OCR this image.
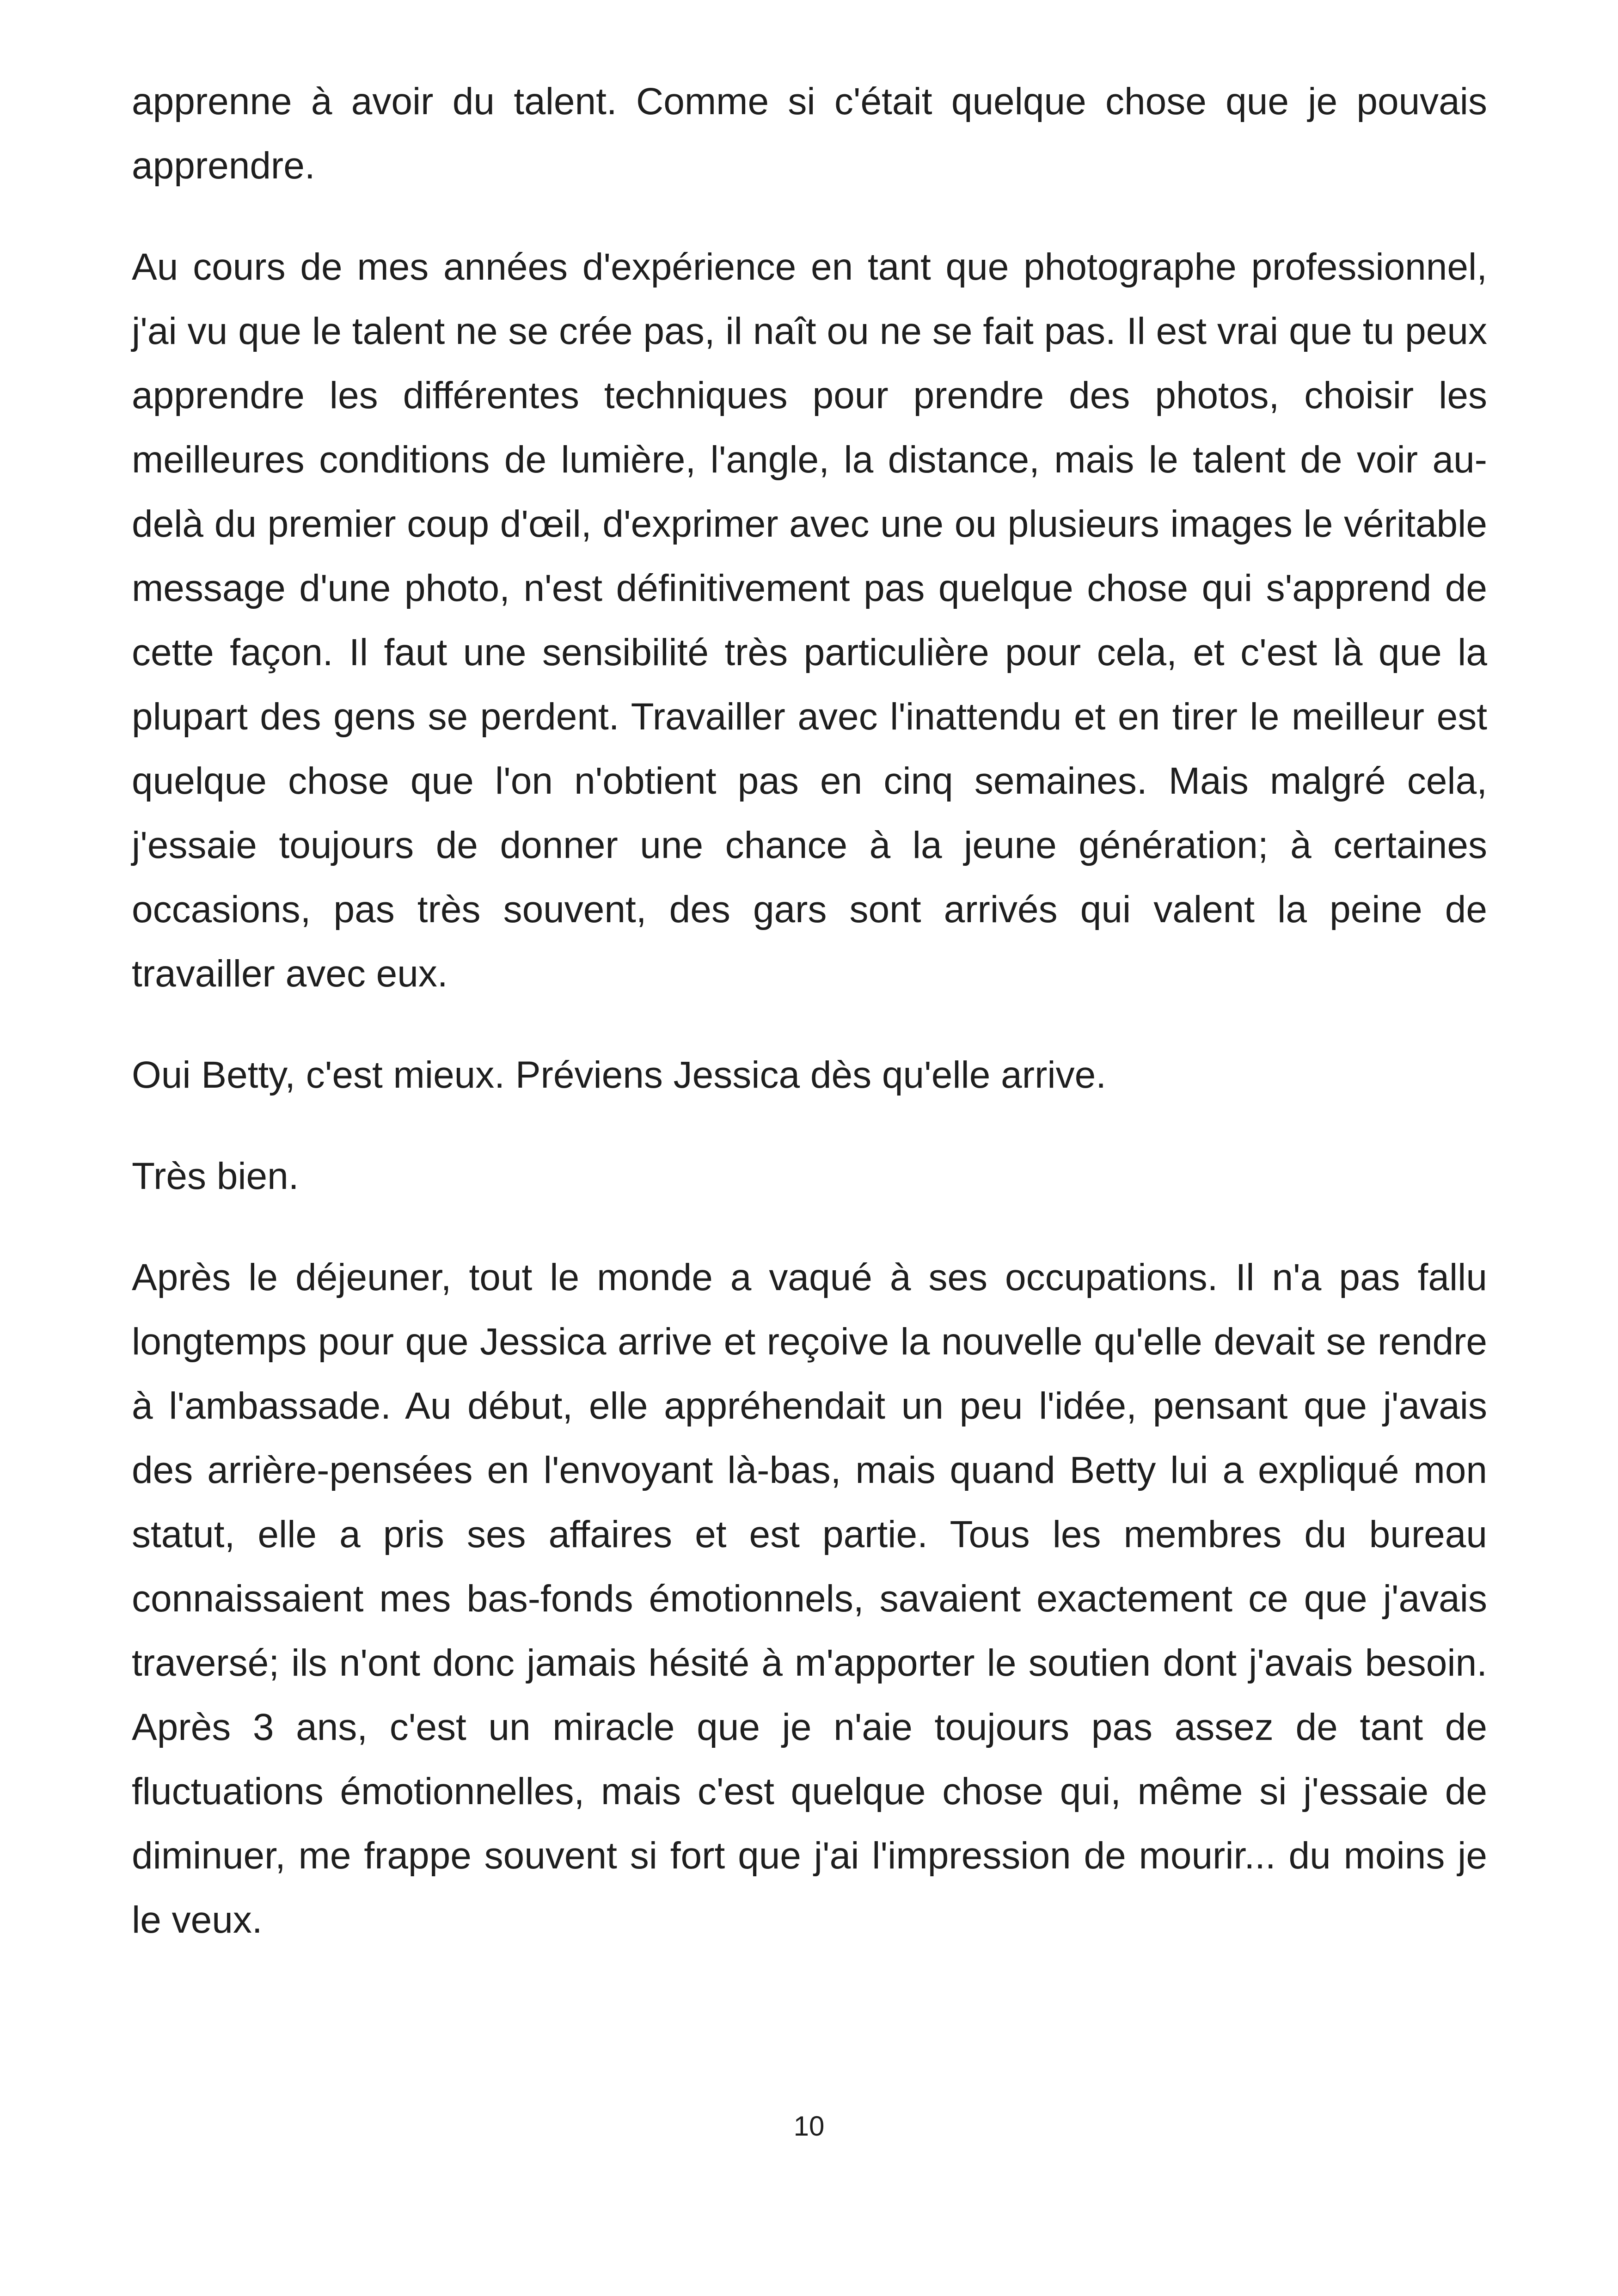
apprenne à avoir du talent. Comme si c'était quelque chose que je pouvais apprendre.

Au cours de mes années d'expérience en tant que photographe professionnel, j'ai vu que le talent ne se crée pas, il naît ou ne se fait pas. Il est vrai que tu peux apprendre les différentes techniques pour prendre des photos, choisir les meilleures conditions de lumière, l'angle, la distance, mais le talent de voir au-delà du premier coup d'œil, d'exprimer avec une ou plusieurs images le véritable message d'une photo, n'est définitivement pas quelque chose qui s'apprend de cette façon. Il faut une sensibilité très particulière pour cela, et c'est là que la plupart des gens se perdent. Travailler avec l'inattendu et en tirer le meilleur est quelque chose que l'on n'obtient pas en cinq semaines. Mais malgré cela, j'essaie toujours de donner une chance à la jeune génération; à certaines occasions, pas très souvent, des gars sont arrivés qui valent la peine de travailler avec eux.

Oui Betty, c'est mieux. Préviens Jessica dès qu'elle arrive.

Très bien.

Après le déjeuner, tout le monde a vaqué à ses occupations. Il n'a pas fallu longtemps pour que Jessica arrive et reçoive la nouvelle qu'elle devait se rendre à l'ambassade. Au début, elle appréhendait un peu l'idée, pensant que j'avais des arrière-pensées en l'envoyant là-bas, mais quand Betty lui a expliqué mon statut, elle a pris ses affaires et est partie. Tous les membres du bureau connaissaient mes bas-fonds émotionnels, savaient exactement ce que j'avais traversé; ils n'ont donc jamais hésité à m'apporter le soutien dont j'avais besoin. Après 3 ans, c'est un miracle que je n'aie toujours pas assez de tant de fluctuations émotionnelles, mais c'est quelque chose qui, même si j'essaie de diminuer, me frappe souvent si fort que j'ai l'impression de mourir... du moins je le veux.

10
